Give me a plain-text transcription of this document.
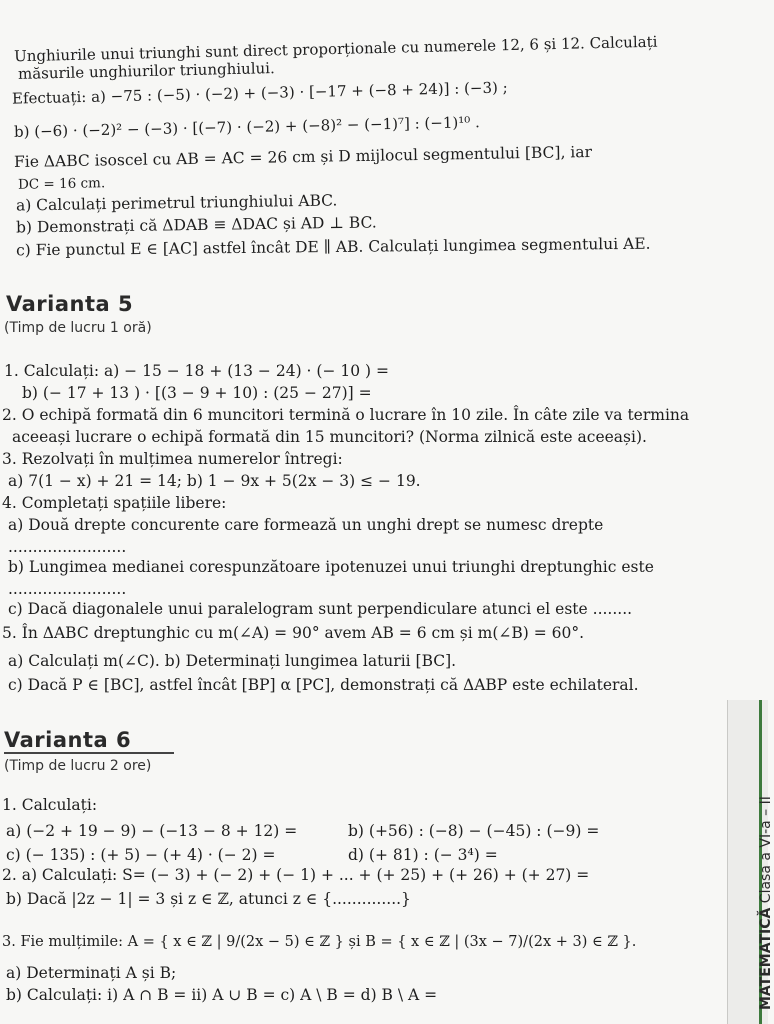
Unghiurile unui triunghi sunt direct proporționale cu numerele 12, 6 și 12. Calculați
măsurile unghiurilor triunghiului.
Efectuați: a) −75 : (−5) · (−2) + (−3) · [−17 + (−8 + 24)] : (−3) ;
b) (−6) · (−2)² − (−3) · [(−7) · (−2) + (−8)² − (−1)⁷] : (−1)¹⁰ .
Fie ΔABC isoscel cu AB = AC = 26 cm și D mijlocul segmentului [BC], iar
DC = 16 cm.
a) Calculați perimetrul triunghiului ABC.
b) Demonstrați că ΔDAB ≡ ΔDAC și AD ⊥ BC.
c) Fie punctul E ∈ [AC] astfel încât DE ∥ AB. Calculați lungimea segmentului AE.
Varianta 5
(Timp de lucru 1 oră)
1. Calculați: a) − 15 − 18 + (13 − 24) · (− 10 ) =
b) (− 17 + 13 ) · [(3 − 9 + 10) : (25 − 27)] =
2. O echipă formată din 6 muncitori termină o lucrare în 10 zile. În câte zile va termina
aceeași lucrare o echipă formată din 15 muncitori? (Norma zilnică este aceeași).
3. Rezolvați în mulțimea numerelor întregi:
a) 7(1 − x) + 21 = 14; b) 1 − 9x + 5(2x − 3) ≤ − 19.
4. Completați spațiile libere:
a) Două drepte concurente care formează un unghi drept se numesc drepte
........................
b) Lungimea medianei corespunzătoare ipotenuzei unui triunghi dreptunghic este
........................
c) Dacă diagonalele unui paralelogram sunt perpendiculare atunci el este ........
5. În ΔABC dreptunghic cu m(∠A) = 90° avem AB = 6 cm și m(∠B) = 60°.
a) Calculați m(∠C). b) Determinați lungimea laturii [BC].
c) Dacă P ∈ [BC], astfel încât [BP] α [PC], demonstrați că ΔABP este echilateral.
Varianta 6
(Timp de lucru 2 ore)
1. Calculați:
a) (−2 + 19 − 9) − (−13 − 8 + 12) =	b) (+56) : (−8) − (−45) : (−9) =
c) (− 135) : (+ 5) − (+ 4) · (− 2) =	d) (+ 81) : (− 3⁴) =
2. a) Calculați: S= (− 3) + (− 2) + (− 1) + ... + (+ 25) + (+ 26) + (+ 27) =
b) Dacă |2z − 1| = 3 și z ∈ ℤ, atunci z ∈ {..............}
3. Fie mulțimile: A = { x ∈ ℤ | 9/(2x − 5) ∈ ℤ } și B = { x ∈ ℤ | (3x − 7)/(2x + 3) ∈ ℤ }.
a) Determinați A și B;
b) Calculați: i) A ∩ B = ii) A ∪ B = c) A \ B = d) B \ A =	MATEMATICĂ Clasa a VI-a – II
